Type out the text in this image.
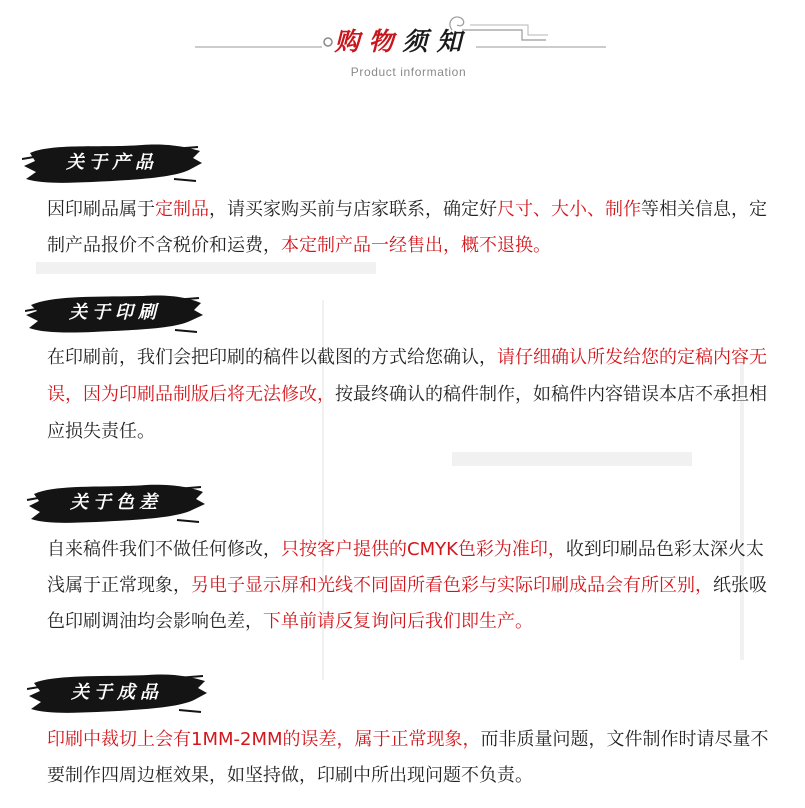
购物须知
Product information
关于产品
因印刷品属于定制品，请买家购买前与店家联系，确定好尺寸、大小、制作等相关信息，定
制产品报价不含税价和运费，本定制产品一经售出，概不退换。
关于印刷
在印刷前，我们会把印刷的稿件以截图的方式给您确认，请仔细确认所发给您的定稿内容无
误，因为印刷品制版后将无法修改，按最终确认的稿件制作，如稿件内容错误本店不承担相
应损失责任。
关于色差
自来稿件我们不做任何修改，只按客户提供的CMYK色彩为准印，收到印刷品色彩太深火太
浅属于正常现象，另电子显示屏和光线不同固所看色彩与实际印刷成品会有所区别，纸张吸
色印刷调油均会影响色差，下单前请反复询问后我们即生产。
关于成品
印刷中裁切上会有1MM-2MM的误差，属于正常现象，而非质量问题，文件制作时请尽量不
要制作四周边框效果，如坚持做，印刷中所出现问题不负责。
